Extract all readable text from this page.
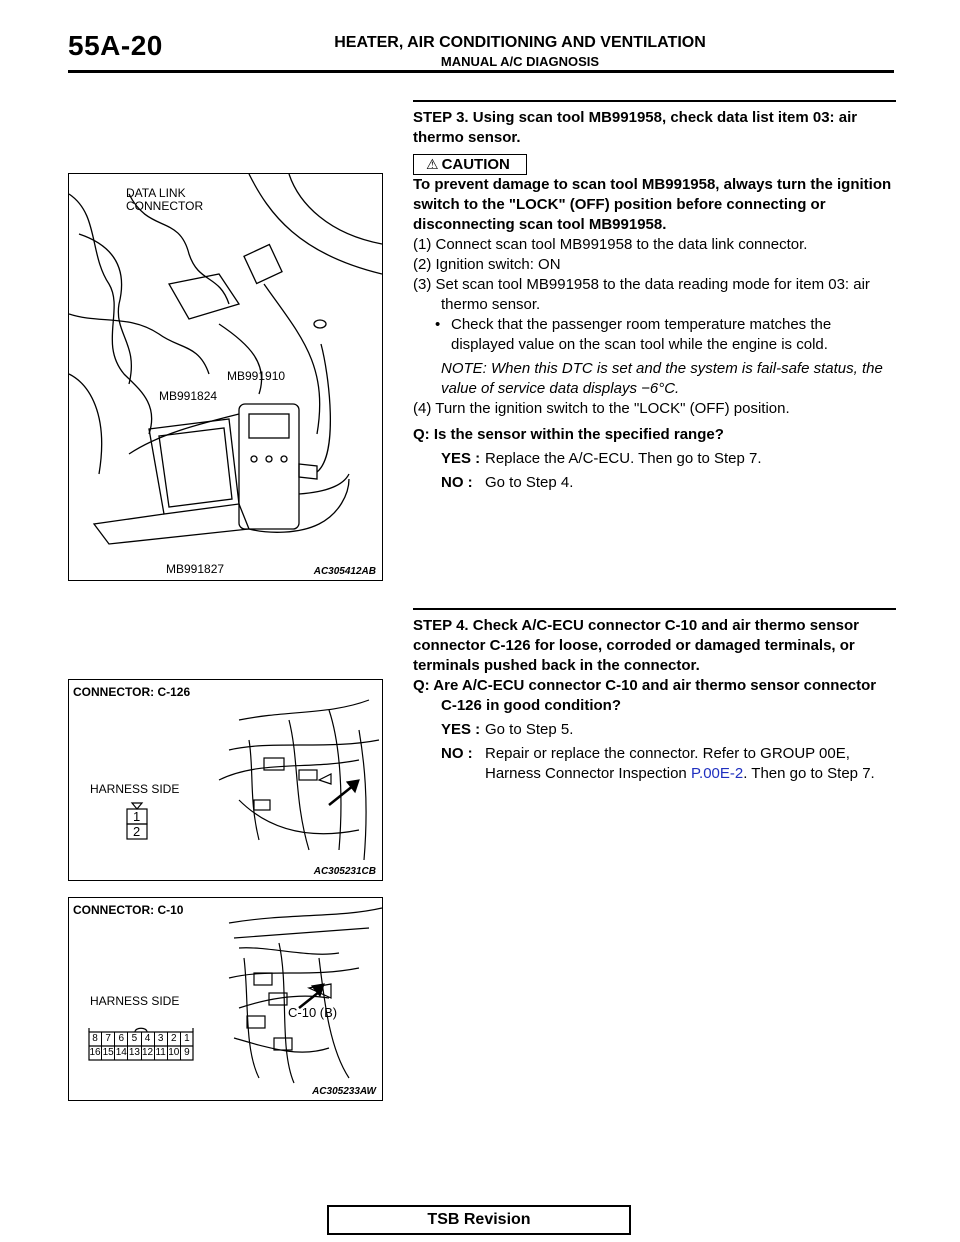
55A-20	HEATER, AIR CONDITIONING AND VENTILATION
MANUAL A/C DIAGNOSIS

STEP 3. Using scan tool MB991958, check data list item 03: air thermo sensor.

⚠ CAUTION

To prevent damage to scan tool MB991958, always turn the ignition switch to the "LOCK" (OFF) position before connecting or disconnecting scan tool MB991958.

(1) Connect scan tool MB991958 to the data link connector.

(2) Ignition switch: ON

(3) Set scan tool MB991958 to the data reading mode for item 03: air thermo sensor.

• Check that the passenger room temperature matches the displayed value on the scan tool while the engine is cold.

NOTE: When this DTC is set and the system is fail-safe status, the value of service data displays −6°C.

(4) Turn the ignition switch to the "LOCK" (OFF) position.

Q: Is the sensor within the specified range?

YES : Replace the A/C-ECU. Then go to Step 7.
NO : Go to Step 4.

STEP 4. Check A/C-ECU connector C-10 and air thermo sensor connector C-126 for loose, corroded or damaged terminals, or terminals pushed back in the connector.

Q: Are A/C-ECU connector C-10 and air thermo sensor connector C-126 in good condition?

YES : Go to Step 5.
NO : Repair or replace the connector. Refer to GROUP 00E, Harness Connector Inspection P.00E-2. Then go to Step 7.
DATA LINK
CONNECTOR
MB991910
MB991824
MB991827	AC305412AB
CONNECTOR: C-126
HARNESS SIDE
1
2
AC305231CB
CONNECTOR: C-10
HARNESS SIDE
C-10 (B)
8 7 6 5 4 3 2 1
16 15 14 13 12 11 10 9
AC305233AW
TSB Revision
